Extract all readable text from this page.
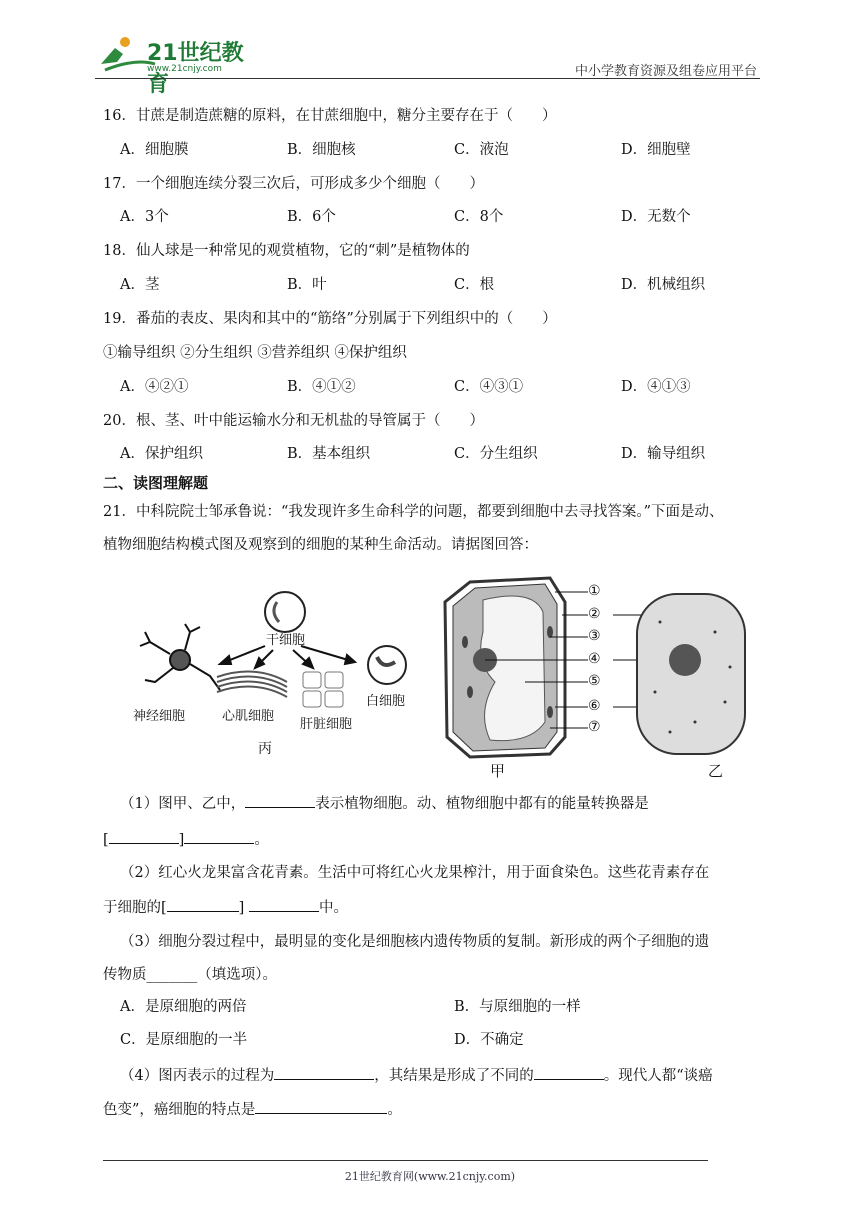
21世纪教育
www.21cnjy.com	中小学教育资源及组卷应用平台
16．甘蔗是制造蔗糖的原料，在甘蔗细胞中，糖分主要存在于（　　）
A．细胞膜	B．细胞核	C．液泡	D．细胞壁
17．一个细胞连续分裂三次后，可形成多少个细胞（　　）
A．3个	B．6个	C．8个	D．无数个
18．仙人球是一种常见的观赏植物，它的“刺”是植物体的
A．茎	B．叶	C．根	D．机械组织
19．番茄的表皮、果肉和其中的“筋络”分别属于下列组织中的（　　）
①输导组织 ②分生组织 ③营养组织 ④保护组织
A．④②①	B．④①②	C．④③①	D．④①③
20．根、茎、叶中能运输水分和无机盐的导管属于（　　）
A．保护组织	B．基本组织	C．分生组织	D．输导组织
二、读图理解题
21．中科院院士邹承鲁说：“我发现许多生命科学的问题，都要到细胞中去寻找答案。”下面是动、
植物细胞结构模式图及观察到的细胞的某种生命活动。请据图回答：
干细胞
神经细胞	心肌细胞
肝脏细胞
白细胞
丙
甲	乙
①
②
③
④
⑤
⑥
⑦
（1）图甲、乙中，	表示植物细胞。动、植物细胞中都有的能量转换器是
[	]	。
（2）红心火龙果富含花青素。生活中可将红心火龙果榨汁，用于面食染色。这些花青素存在
于细胞的[	]	中。
（3）细胞分裂过程中，最明显的变化是细胞核内遗传物质的复制。新形成的两个子细胞的遗
传物质_______（填选项）。
A．是原细胞的两倍	B．与原细胞的一样
C．是原细胞的一半	D．不确定
（4）图丙表示的过程为	，其结果是形成了不同的	。现代人都“谈癌
色变”，癌细胞的特点是	。
21世纪教育网(www.21cnjy.com)
